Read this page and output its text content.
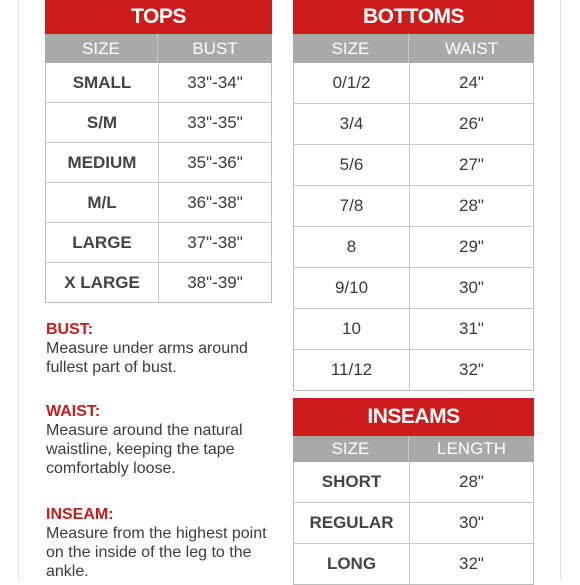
TOPS
SIZE	BUST
SMALL	33"-34"
S/M	33"-35"
MEDIUM	35"-36"
M/L	36"-38"
LARGE	37"-38"
X LARGE	38"-39"
BOTTOMS
SIZE	WAIST
0/1/2	24"
3/4	26"
5/6	27"
7/8	28"
8	29"
9/10	30"
10	31"
11/12	32"
INSEAMS
SIZE	LENGTH
SHORT	28"
REGULAR	30"
LONG	32"
BUST:
Measure under arms around fullest part of bust.
WAIST:
Measure around the natural waistline, keeping the tape comfortably loose.
INSEAM:
Measure from the highest point on the inside of the leg to the ankle.
